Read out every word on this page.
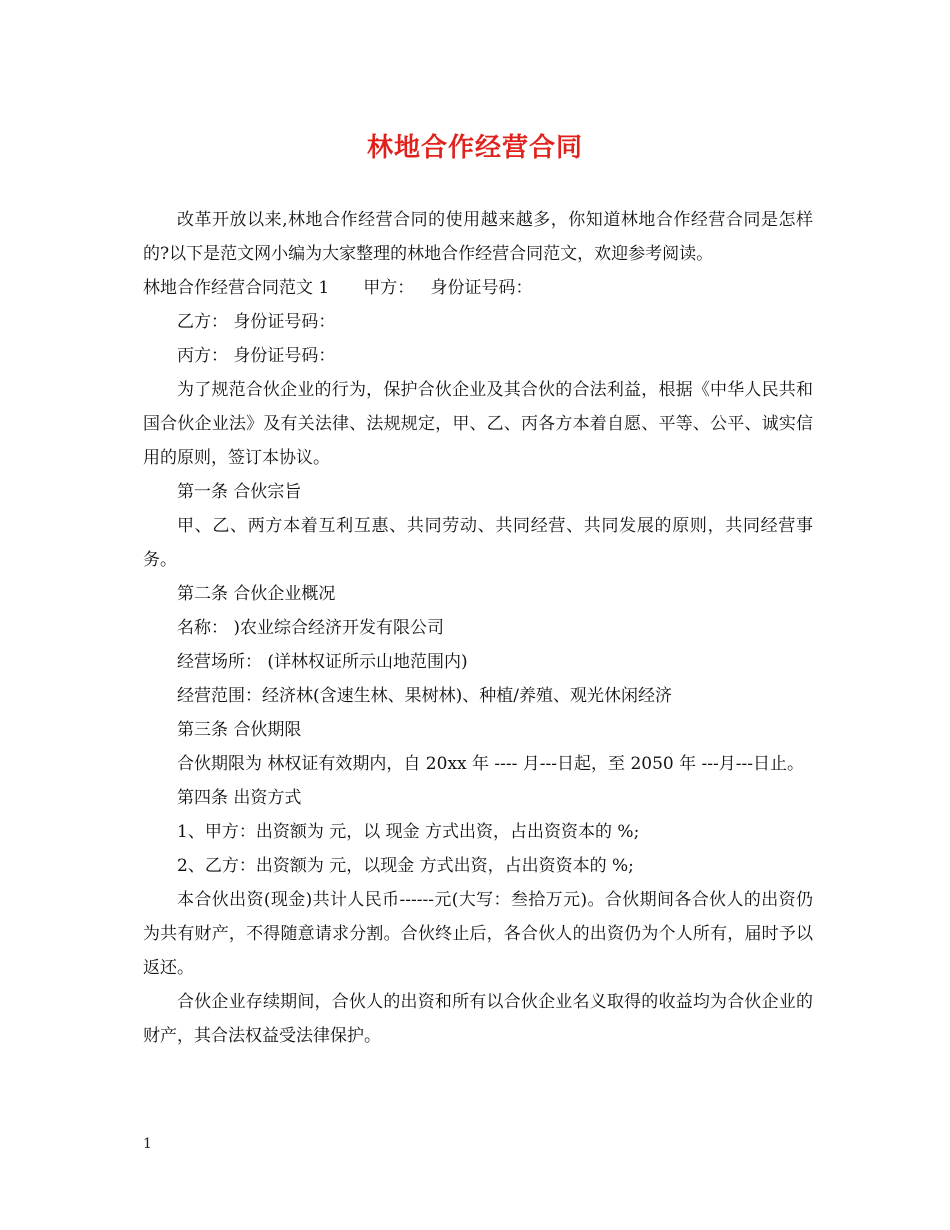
林地合作经营合同

改革开放以来,林地合作经营合同的使用越来越多，你知道林地合作经营合同是怎样的?以下是范文网小编为大家整理的林地合作经营合同范文，欢迎参考阅读。

林地合作经营合同范文 1 甲方： 身份证号码：

乙方： 身份证号码：

丙方： 身份证号码：

为了规范合伙企业的行为，保护合伙企业及其合伙的合法利益，根据《中华人民共和国合伙企业法》及有关法律、法规规定，甲、乙、丙各方本着自愿、平等、公平、诚实信用的原则，签订本协议。

第一条 合伙宗旨

甲、乙、两方本着互利互惠、共同劳动、共同经营、共同发展的原则，共同经营事务。

第二条 合伙企业概况

名称： )农业综合经济开发有限公司

经营场所： (详林权证所示山地范围内)

经营范围：经济林(含速生林、果树林)、种植/养殖、观光休闲经济

第三条 合伙期限

合伙期限为 林权证有效期内，自 20xx 年 ---- 月---日起，至 2050 年 ---月---日止。

第四条 出资方式

1、甲方：出资额为 元，以 现金 方式出资，占出资资本的 %;

2、乙方：出资额为 元，以现金 方式出资，占出资资本的 %;

本合伙出资(现金)共计人民币------元(大写：叁拾万元)。合伙期间各合伙人的出资仍为共有财产，不得随意请求分割。合伙终止后，各合伙人的出资仍为个人所有，届时予以返还。

合伙企业存续期间，合伙人的出资和所有以合伙企业名义取得的收益均为合伙企业的财产，其合法权益受法律保护。

1
